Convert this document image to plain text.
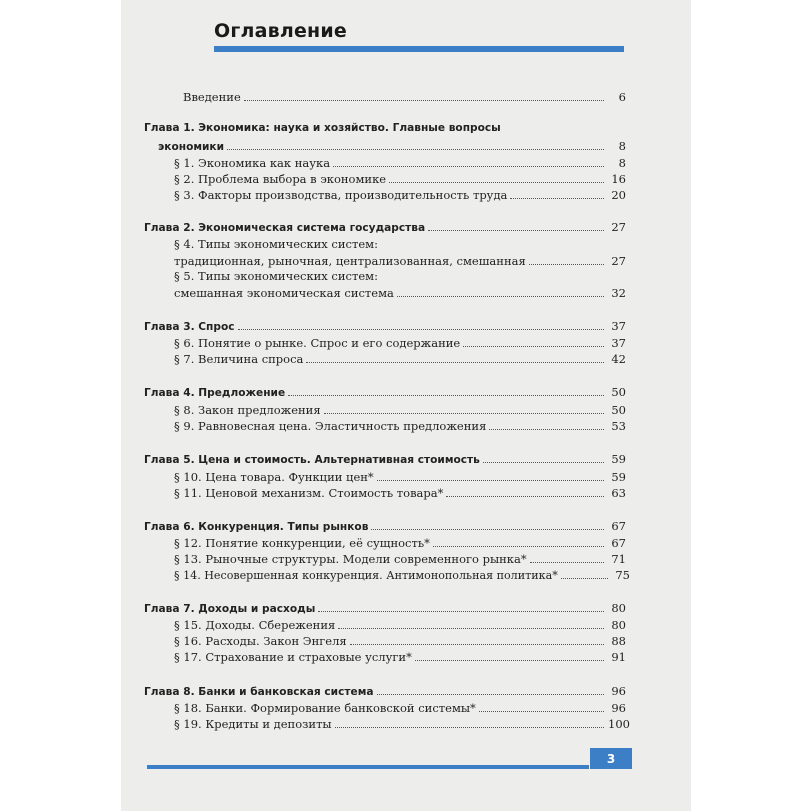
Оглавление
Введение	6
Глава 1. Экономика: наука и хозяйство. Главные вопросы
экономики	8
§ 1. Экономика как наука	8
§ 2. Проблема выбора в экономике	16
§ 3. Факторы производства, производительность труда	20
Глава 2. Экономическая система государства	27
§ 4. Типы экономических систем:
традиционная, рыночная, централизованная, смешанная	27
§ 5. Типы экономических систем:
смешанная экономическая система	32
Глава 3. Спрос	37
§ 6. Понятие о рынке. Спрос и его содержание	37
§ 7. Величина спроса	42
Глава 4. Предложение	50
§ 8. Закон предложения	50
§ 9. Равновесная цена. Эластичность предложения	53
Глава 5. Цена и стоимость. Альтернативная стоимость	59
§ 10. Цена товара. Функции цен*	59
§ 11. Ценовой механизм. Стоимость товара*	63
Глава 6. Конкуренция. Типы рынков	67
§ 12. Понятие конкуренции, её сущность*	67
§ 13. Рыночные структуры. Модели современного рынка*	71
§ 14. Несовершенная конкуренция. Антимонопольная политика*	75
Глава 7. Доходы и расходы	80
§ 15. Доходы. Сбережения	80
§ 16. Расходы. Закон Энгеля	88
§ 17. Страхование и страховые услуги*	91
Глава 8. Банки и банковская система	96
§ 18. Банки. Формирование банковской системы*	96
§ 19. Кредиты и депозиты	100
3
